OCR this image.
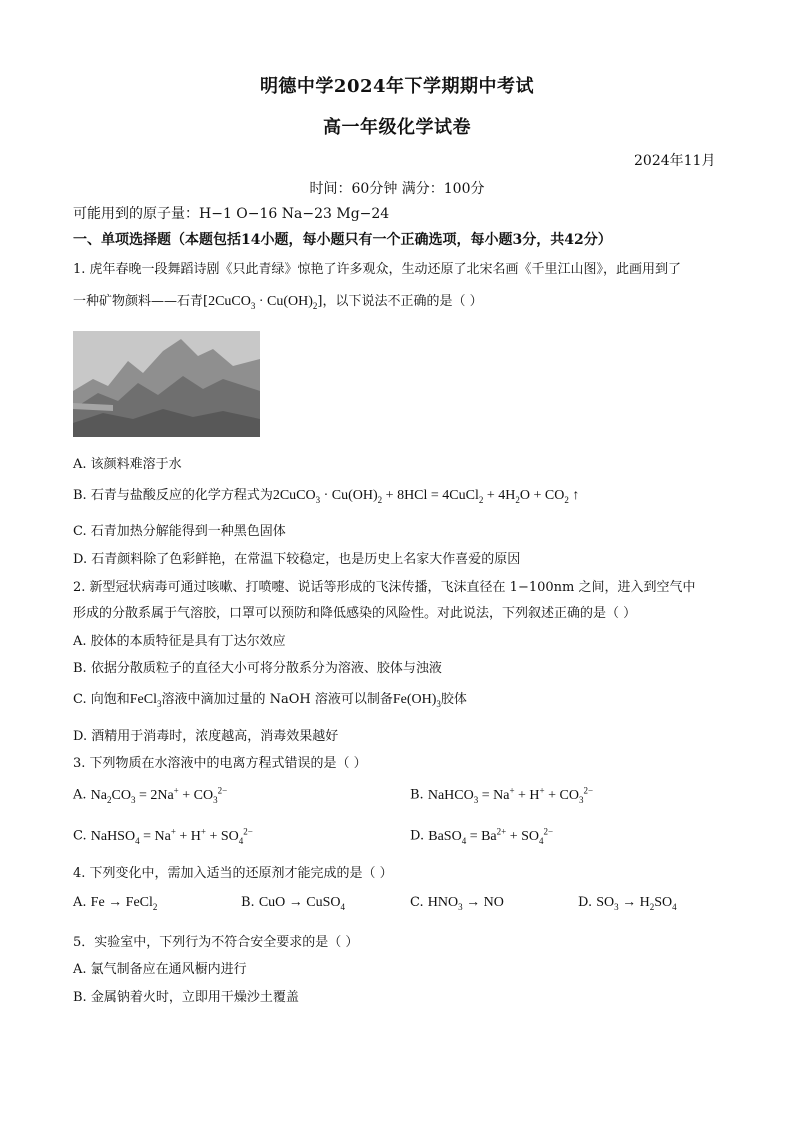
明德中学2024年下学期期中考试
高一年级化学试卷
2024年11月
时间：60分钟 满分：100分
可能用到的原子量：H−1 O−16 Na−23 Mg−24
一、单项选择题（本题包括14小题，每小题只有一个正确选项，每小题3分，共42分）
1. 虎年春晚一段舞蹈诗剧《只此青绿》惊艳了许多观众，生动还原了北宋名画《千里江山图》，此画用到了
一种矿物颜料——石青[2CuCO$_3$ · $Cu(OH)_2$]，以下说法不正确的是（ ）
A. 该颜料难溶于水
B. 石青与盐酸反应的化学方程式为2CuCO$_3$ · $Cu(OH)_2 + 8HCl$ = 4CuCl$_2$ + $4H_2O + CO_2$ ↑
C. 石青加热分解能得到一种黑色固体
D. 石青颜料除了色彩鲜艳，在常温下较稳定，也是历史上名家大作喜爱的原因
2. 新型冠状病毒可通过咳嗽、打喷嚏、说话等形成的飞沫传播，飞沫直径在 1−100nm 之间，进入到空气中
形成的分散系属于气溶胶，口罩可以预防和降低感染的风险性。对此说法，下列叙述正确的是（ ）
A. 胶体的本质特征是具有丁达尔效应
B. 依据分散质粒子的直径大小可将分散系分为溶液、胶体与浊液
C. 向饱和FeCl$_3$溶液中滴加过量的 NaOH 溶液可以制备$Fe(OH)_3$胶体
D. 酒精用于消毒时，浓度越高，消毒效果越好
3. 下列物质在水溶液中的电离方程式错误的是（ ）
A. $Na_2CO_3 = 2Na^+ + CO_3^{2-}$	B. NaHCO$_3$ = $Na^+ + H^+ + CO_3^{2-}$
C. NaHSO$_4$ = $Na^+ + H^+ + SO_4^{2-}$	D. BaSO$_4$ = $Ba^{2+} + SO_4^{2-}$
4. 下列变化中，需加入适当的还原剂才能完成的是（ ）
A. Fe → FeCl$_2$	B. CuO → CuSO$_4$	C. $HNO_3$ → NO	D. $SO_3 \to H_2SO_4$
5．实验室中，下列行为不符合安全要求的是（ ）
A. 氯气制备应在通风橱内进行
B. 金属钠着火时，立即用干燥沙土覆盖
